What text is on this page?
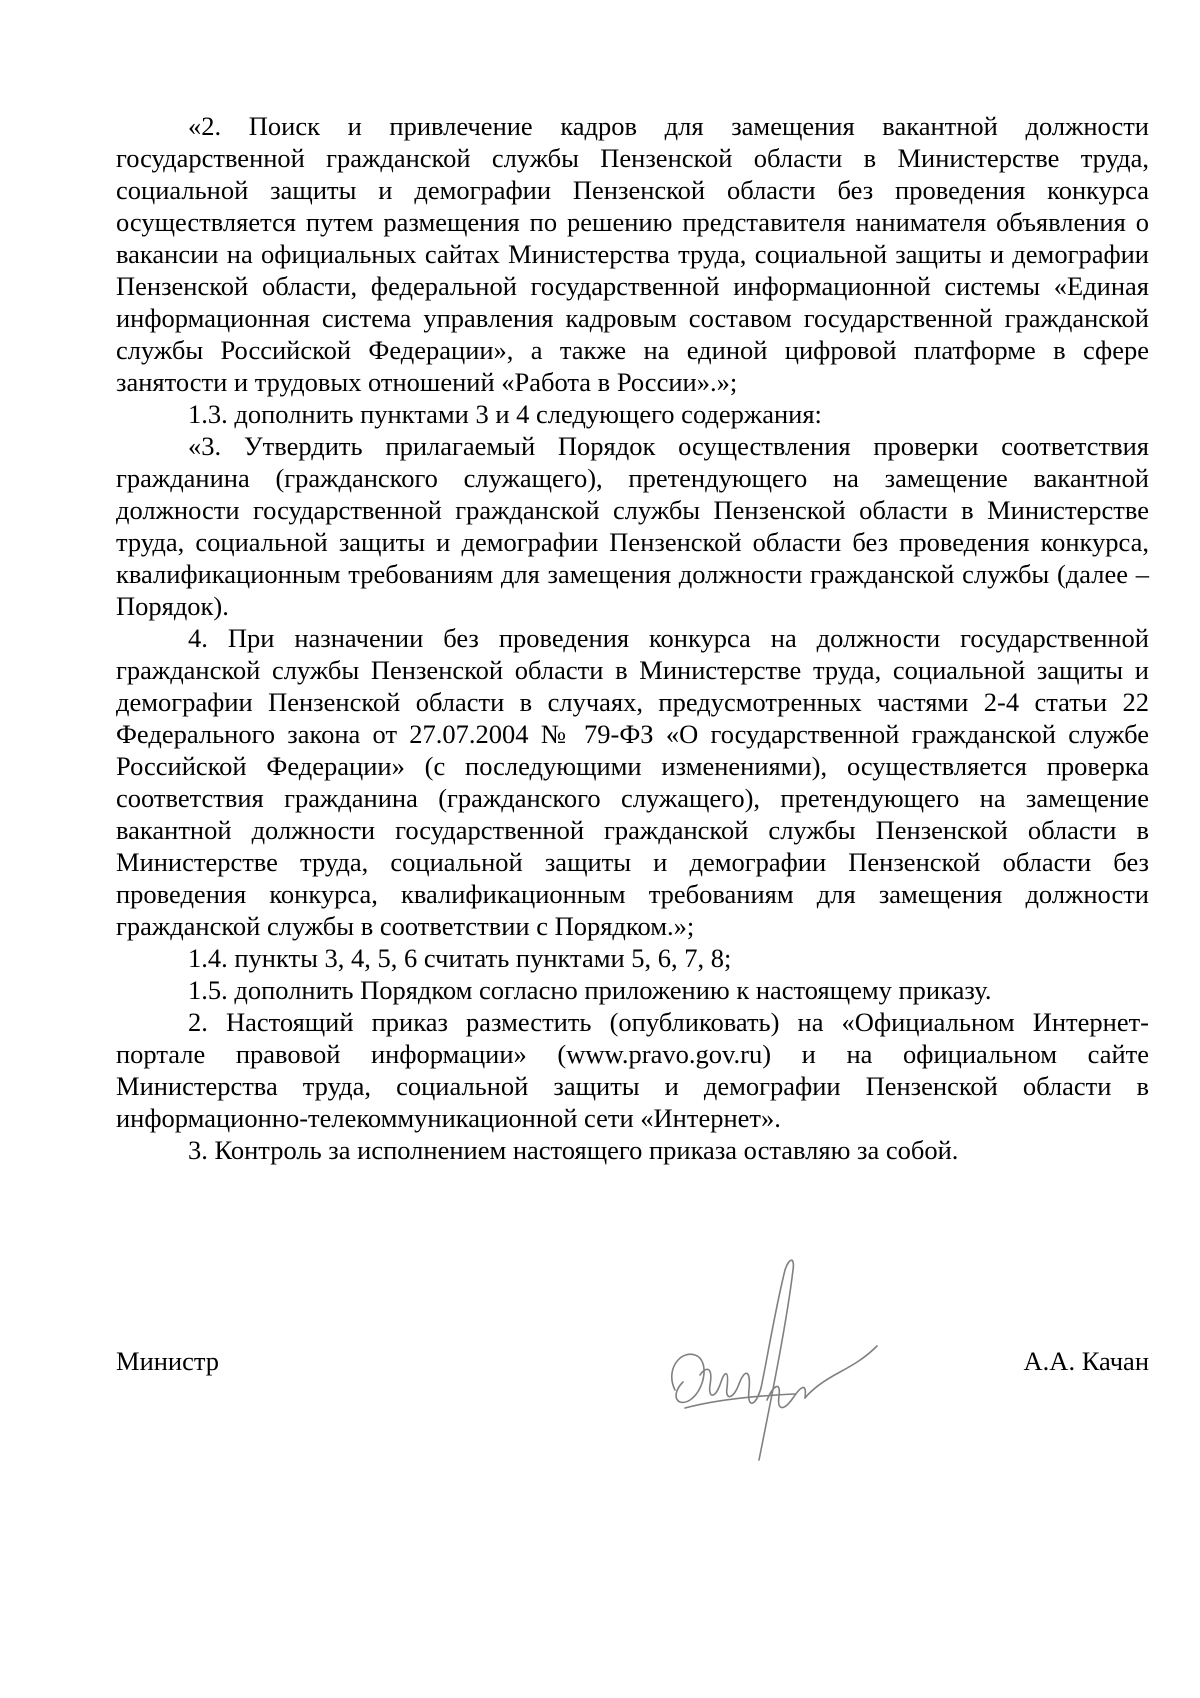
«2. Поиск и привлечение кадров для замещения вакантной должности государственной гражданской службы Пензенской области в Министерстве труда, социальной защиты и демографии Пензенской области без проведения конкурса осуществляется путем размещения по решению представителя нанимателя объявления о вакансии на официальных сайтах Министерства труда, социальной защиты и демографии Пензенской области, федеральной государственной информационной системы «Единая информационная система управления кадровым составом государственной гражданской службы Российской Федерации», а также на единой цифровой платформе в сфере занятости и трудовых отношений «Работа в России».»;

1.3. дополнить пунктами 3 и 4 следующего содержания:

«3. Утвердить прилагаемый Порядок осуществления проверки соответствия гражданина (гражданского служащего), претендующего на замещение вакантной должности государственной гражданской службы Пензенской области в Министерстве труда, социальной защиты и демографии Пензенской области без проведения конкурса, квалификационным требованиям для замещения должности гражданской службы (далее – Порядок).

4. При назначении без проведения конкурса на должности государственной гражданской службы Пензенской области в Министерстве труда, социальной защиты и демографии Пензенской области в случаях, предусмотренных частями 2-4 статьи 22 Федерального закона от 27.07.2004 № 79-ФЗ «О государственной гражданской службе Российской Федерации» (с последующими изменениями), осуществляется проверка соответствия гражданина (гражданского служащего), претендующего на замещение вакантной должности государственной гражданской службы Пензенской области в Министерстве труда, социальной защиты и демографии Пензенской области без проведения конкурса, квалификационным требованиям для замещения должности гражданской службы в соответствии с Порядком.»;

1.4. пункты 3, 4, 5, 6 считать пунктами 5, 6, 7, 8;

1.5. дополнить Порядком согласно приложению к настоящему приказу.

2. Настоящий приказ разместить (опубликовать) на «Официальном Интернет-портале правовой информации» (www.pravo.gov.ru) и на официальном сайте Министерства труда, социальной защиты и демографии Пензенской области в информационно-телекоммуникационной сети «Интернет».

3. Контроль за исполнением настоящего приказа оставляю за собой.

Министр	А.А. Качан
